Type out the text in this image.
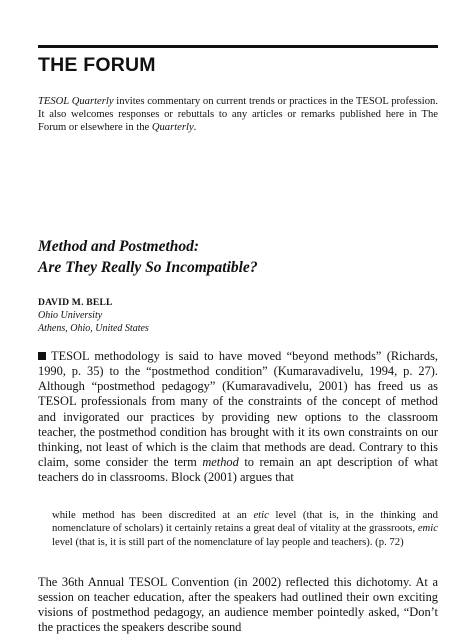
THE FORUM

TESOL Quarterly invites commentary on current trends or practices in the TESOL profession. It also welcomes responses or rebuttals to any articles or remarks published here in The Forum or elsewhere in the Quarterly.

Method and Postmethod:
Are They Really So Incompatible?

DAVID M. BELL

Ohio University
Athens, Ohio, United States

TESOL methodology is said to have moved “beyond methods” (Richards, 1990, p. 35) to the “postmethod condition” (Kumaravadivelu, 1994, p. 27). Although “postmethod pedagogy” (Kumaravadivelu, 2001) has freed us as TESOL professionals from many of the constraints of the concept of method and invigorated our practices by providing new options to the classroom teacher, the postmethod condition has brought with it its own constraints on our thinking, not least of which is the claim that methods are dead. Contrary to this claim, some consider the term method to remain an apt description of what teachers do in classrooms. Block (2001) argues that

while method has been discredited at an etic level (that is, in the thinking and nomenclature of scholars) it certainly retains a great deal of vitality at the grassroots, emic level (that is, it is still part of the nomenclature of lay people and teachers). (p. 72)

The 36th Annual TESOL Convention (in 2002) reflected this dichotomy. At a session on teacher education, after the speakers had outlined their own exciting visions of postmethod pedagogy, an audience member pointedly asked, “Don’t the practices the speakers describe sound
